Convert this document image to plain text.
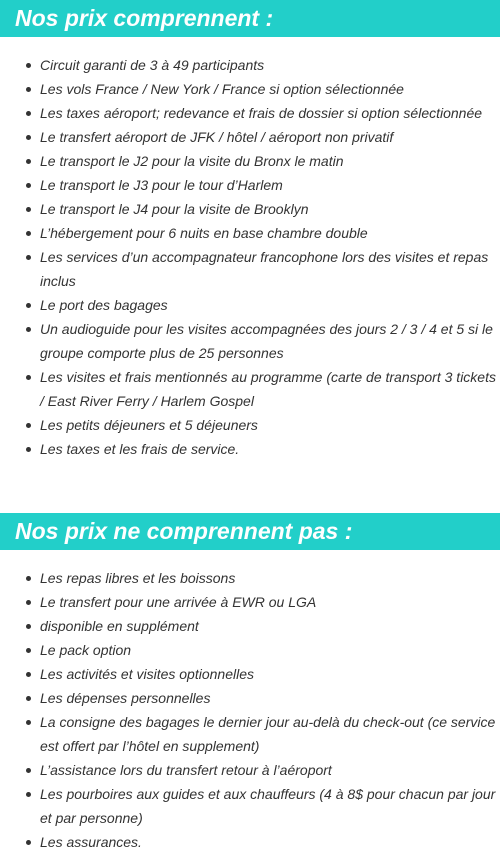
Nos prix comprennent :
Circuit garanti de 3 à 49 participants
Les vols France / New York / France si option sélectionnée
Les taxes aéroport; redevance et frais de dossier si option sélectionnée
Le transfert aéroport de JFK / hôtel / aéroport non privatif
Le transport le J2 pour la visite du Bronx le matin
Le transport le J3 pour le tour d’Harlem
Le transport le J4 pour la visite de Brooklyn
L’hébergement pour 6 nuits en base chambre double
Les services d’un accompagnateur francophone lors des visites et repas inclus
Le port des bagages
Un audioguide pour les visites accompagnées des jours 2 / 3 / 4 et 5 si le groupe comporte plus de 25 personnes
Les visites et frais mentionnés au programme (carte de transport 3 tickets / East River Ferry / Harlem Gospel
Les petits déjeuners et 5 déjeuners
Les taxes et les frais de service.
Nos prix ne comprennent pas :
Les repas libres et les boissons
Le transfert pour une arrivée à EWR ou LGA
disponible en supplément
Le pack option
Les activités et visites optionnelles
Les dépenses personnelles
La consigne des bagages le dernier jour au-delà du check-out (ce service est offert par l’hôtel en supplement)
L’assistance lors du transfert retour à l’aéroport
Les pourboires aux guides et aux chauffeurs (4 à 8$ pour chacun par jour et par personne)
Les assurances.
